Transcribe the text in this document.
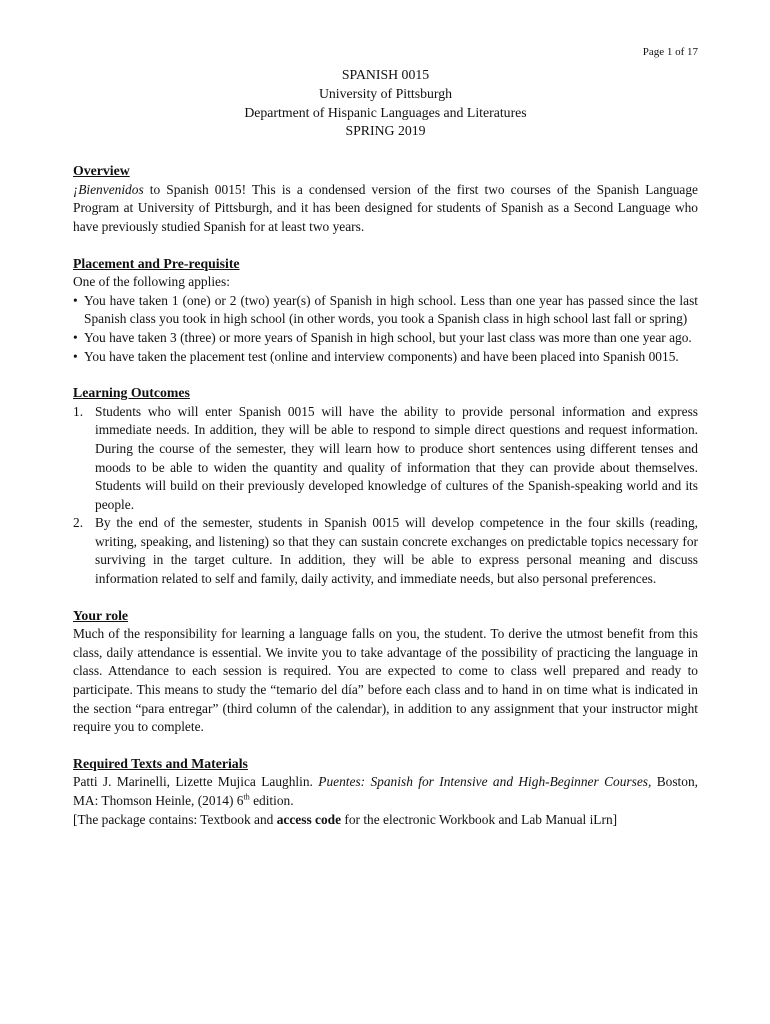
Page 1 of 17
SPANISH 0015
University of Pittsburgh
Department of Hispanic Languages and Literatures
SPRING 2019
Overview

¡Bienvenidos to Spanish 0015! This is a condensed version of the first two courses of the Spanish Language Program at University of Pittsburgh, and it has been designed for students of Spanish as a Second Language who have previously studied Spanish for at least two years.

Placement and Pre-requisite

One of the following applies:

• You have taken 1 (one) or 2 (two) year(s) of Spanish in high school. Less than one year has passed since the last Spanish class you took in high school (in other words, you took a Spanish class in high school last fall or spring)
• You have taken 3 (three) or more years of Spanish in high school, but your last class was more than one year ago.
• You have taken the placement test (online and interview components) and have been placed into Spanish 0015.
Learning Outcomes
1. Students who will enter Spanish 0015 will have the ability to provide personal information and express immediate needs. In addition, they will be able to respond to simple direct questions and request information. During the course of the semester, they will learn how to produce short sentences using different tenses and moods to be able to widen the quantity and quality of information that they can provide about themselves. Students will build on their previously developed knowledge of cultures of the Spanish-speaking world and its people.
2. By the end of the semester, students in Spanish 0015 will develop competence in the four skills (reading, writing, speaking, and listening) so that they can sustain concrete exchanges on predictable topics necessary for surviving in the target culture. In addition, they will be able to express personal meaning and discuss information related to self and family, daily activity, and immediate needs, but also personal preferences.
Your role

Much of the responsibility for learning a language falls on you, the student. To derive the utmost benefit from this class, daily attendance is essential. We invite you to take advantage of the possibility of practicing the language in class. Attendance to each session is required. You are expected to come to class well prepared and ready to participate. This means to study the “temario del día” before each class and to hand in on time what is indicated in the section “para entregar” (third column of the calendar), in addition to any assignment that your instructor might require you to complete.

Required Texts and Materials

Patti J. Marinelli, Lizette Mujica Laughlin. Puentes: Spanish for Intensive and High-Beginner Courses, Boston, MA: Thomson Heinle, (2014) 6th edition.

[The package contains: Textbook and access code for the electronic Workbook and Lab Manual iLrn]
